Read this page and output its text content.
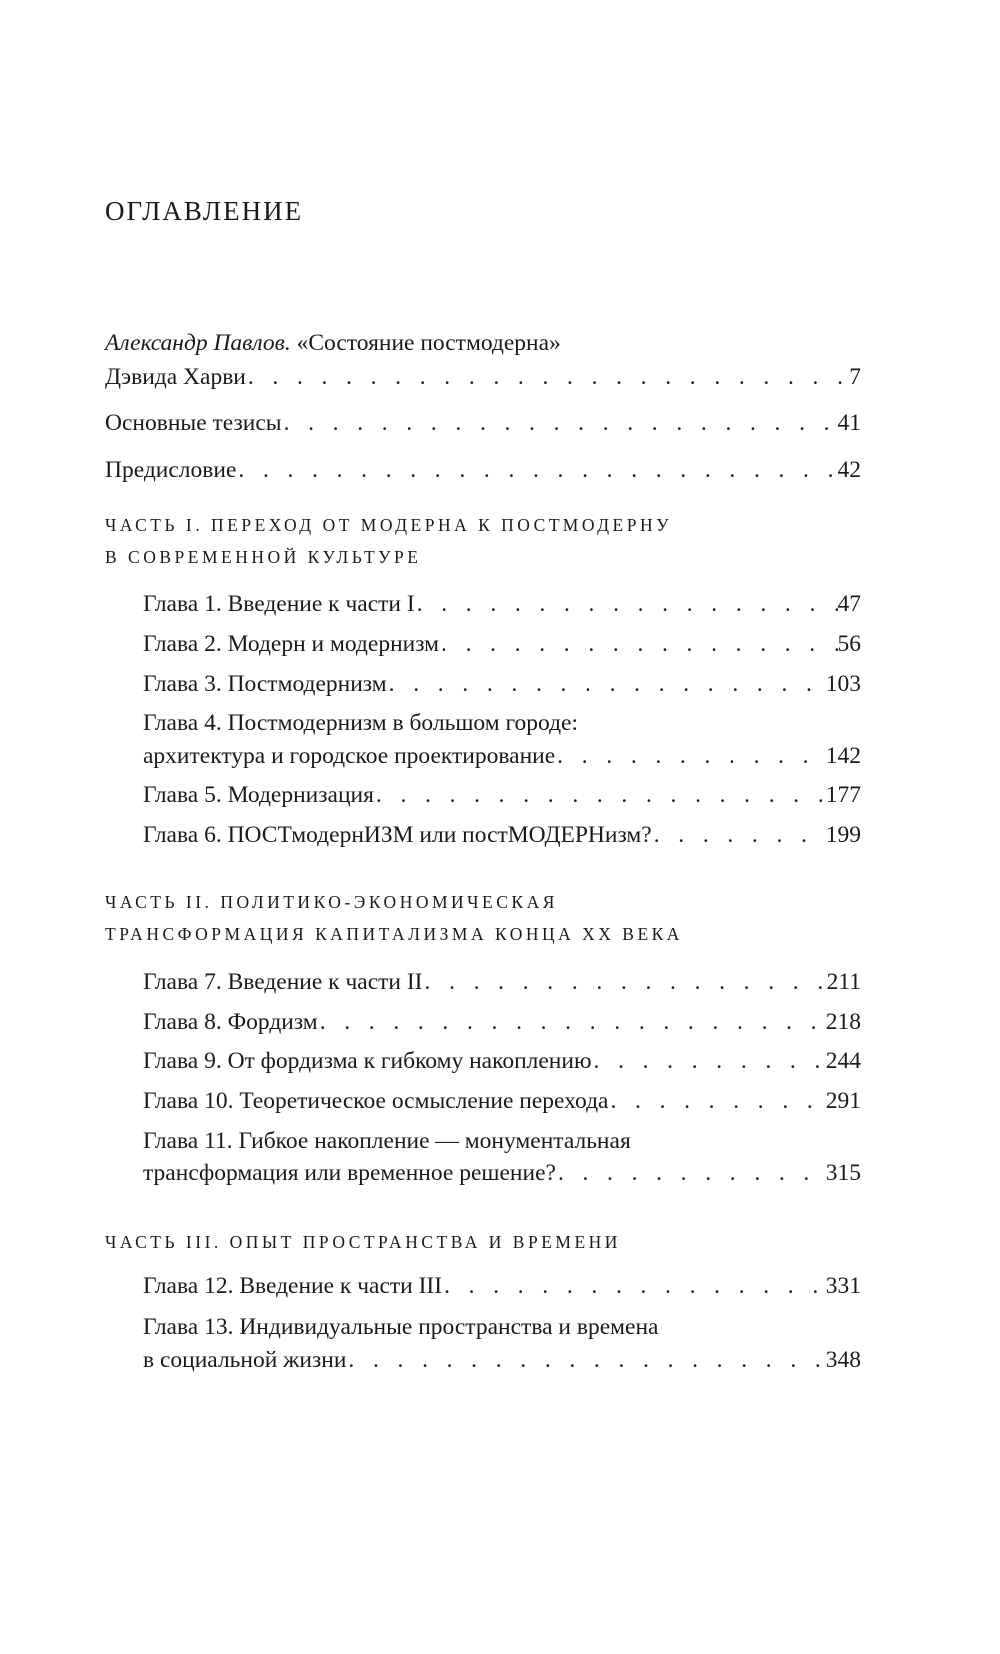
ОГЛАВЛЕНИЕ
Александр Павлов. «Состояние постмодерна»
Дэвида Харви . . .	7
Основные тезисы . . .	41
Предисловие . . .	42
ЧАСТЬ I. ПЕРЕХОД ОТ МОДЕРНА К ПОСТМОДЕРНУ
В СОВРЕМЕННОЙ КУЛЬТУРЕ
Глава 1. Введение к части I . . .	47
Глава 2. Модерн и модернизм . . .	56
Глава 3. Постмодернизм . . .	103
Глава 4. Постмодернизм в большом городе:
архитектура и городское проектирование . . .	142
Глава 5. Модернизация . . .	177
Глава 6. ПОСТмодернИЗМ или постМОДЕРНизм? . . .	199
ЧАСТЬ II. ПОЛИТИКО-ЭКОНОМИЧЕСКАЯ
ТРАНСФОРМАЦИЯ КАПИТАЛИЗМА КОНЦА XX ВЕКА
Глава 7. Введение к части II . . .	211
Глава 8. Фордизм . . .	218
Глава 9. От фордизма к гибкому накоплению . . .	244
Глава 10. Теоретическое осмысление перехода . . .	291
Глава 11. Гибкое накопление — монументальная
трансформация или временное решение? . . .	315
ЧАСТЬ III. ОПЫТ ПРОСТРАНСТВА И ВРЕМЕНИ
Глава 12. Введение к части III . . .	331
Глава 13. Индивидуальные пространства и времена
в социальной жизни . . .	348
